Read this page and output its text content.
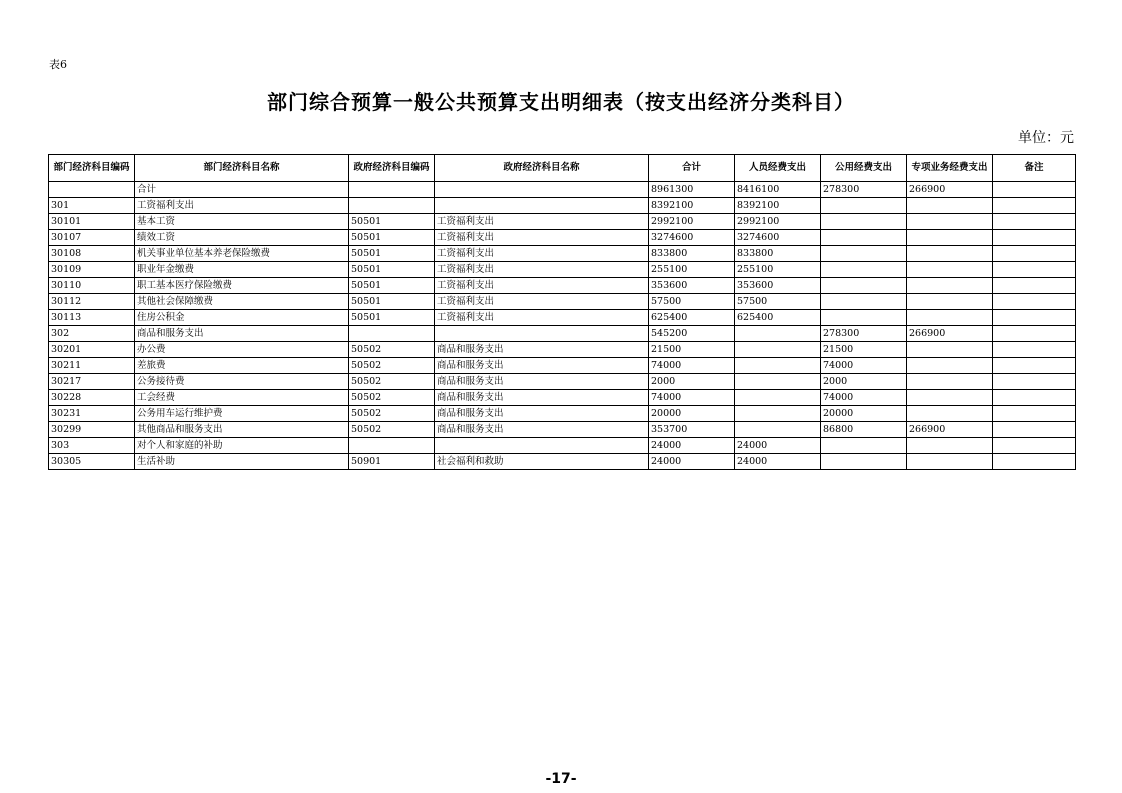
表6
部门综合预算一般公共预算支出明细表（按支出经济分类科目）
单位：元
部门经济科目编码	部门经济科目名称	政府经济科目编码	政府经济科目名称	合计	人员经费支出	公用经费支出	专项业务经费支出	备注
	合计			8961300	8416100	278300	266900	
301	工资福利支出			8392100	8392100			
30101	基本工资	50501	工资福利支出	2992100	2992100			
30107	绩效工资	50501	工资福利支出	3274600	3274600			
30108	机关事业单位基本养老保险缴费	50501	工资福利支出	833800	833800			
30109	职业年金缴费	50501	工资福利支出	255100	255100			
30110	职工基本医疗保险缴费	50501	工资福利支出	353600	353600			
30112	其他社会保障缴费	50501	工资福利支出	57500	57500			
30113	住房公积金	50501	工资福利支出	625400	625400			
302	商品和服务支出			545200		278300	266900	
30201	办公费	50502	商品和服务支出	21500		21500		
30211	差旅费	50502	商品和服务支出	74000		74000		
30217	公务接待费	50502	商品和服务支出	2000		2000		
30228	工会经费	50502	商品和服务支出	74000		74000		
30231	公务用车运行维护费	50502	商品和服务支出	20000		20000		
30299	其他商品和服务支出	50502	商品和服务支出	353700		86800	266900	
303	对个人和家庭的补助			24000	24000			
30305	生活补助	50901	社会福利和救助	24000	24000			
-17-
